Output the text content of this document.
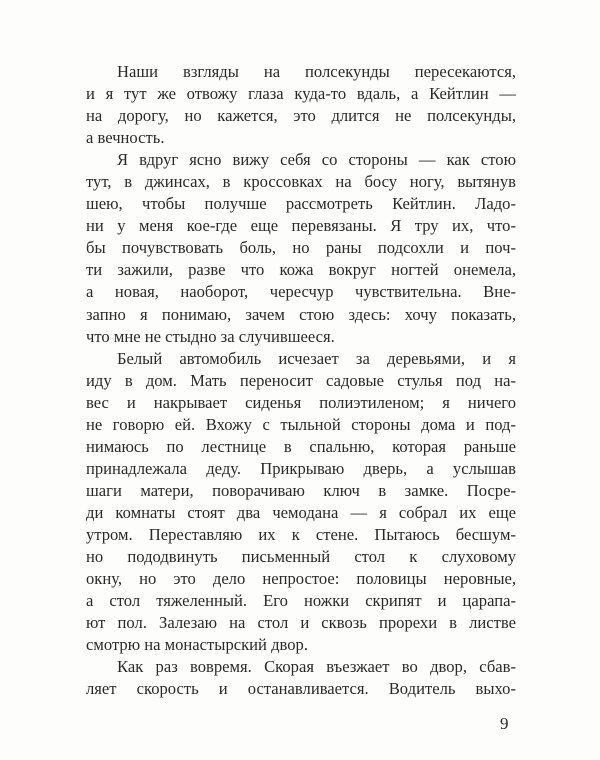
Наши взгляды на полсекунды пересекаются,
и я тут же отвожу глаза куда-то вдаль, а Кейтлин —
на дорогу, но кажется, это длится не полсекунды,
а вечность.
Я вдруг ясно вижу себя со стороны — как стою
тут, в джинсах, в кроссовках на босу ногу, вытянув
шею, чтобы получше рассмотреть Кейтлин. Ладо-
ни у меня кое-где еще перевязаны. Я тру их, что-
бы почувствовать боль, но раны подсохли и поч-
ти зажили, разве что кожа вокруг ногтей онемела,
а новая, наоборот, чересчур чувствительна. Вне-
запно я понимаю, зачем стою здесь: хочу показать,
что мне не стыдно за случившееся.
Белый автомобиль исчезает за деревьями, и я
иду в дом. Мать переносит садовые стулья под на-
вес и накрывает сиденья полиэтиленом; я ничего
не говорю ей. Вхожу с тыльной стороны дома и под-
нимаюсь по лестнице в спальню, которая раньше
принадлежала деду. Прикрываю дверь, а услышав
шаги матери, поворачиваю ключ в замке. Посре-
ди комнаты стоят два чемодана — я собрал их еще
утром. Переставляю их к стене. Пытаюсь бесшум-
но пододвинуть письменный стол к слуховому
окну, но это дело непростое: половицы неровные,
а стол тяжеленный. Его ножки скрипят и царапа-
ют пол. Залезаю на стол и сквозь прорехи в листве
смотрю на монастырский двор.
Как раз вовремя. Скорая въезжает во двор, сбав-
ляет скорость и останавливается. Водитель выхо-
9
